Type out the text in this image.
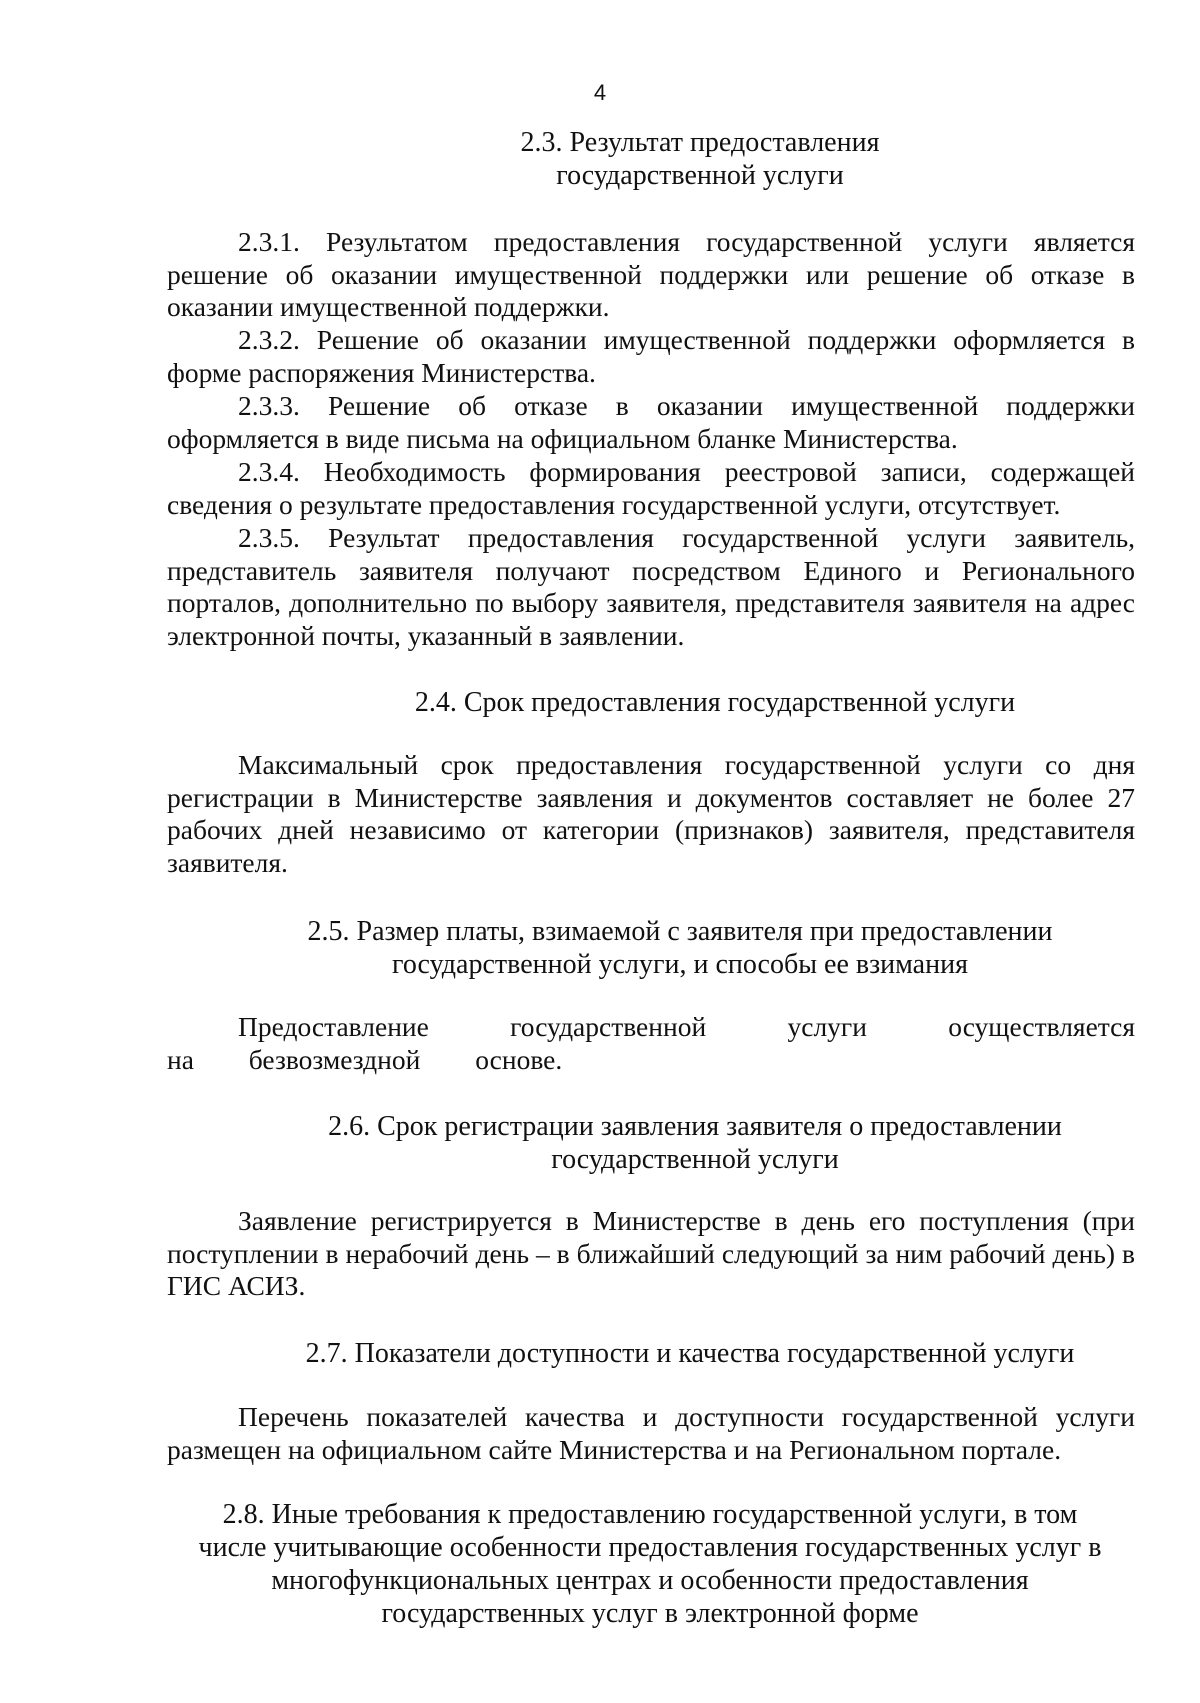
4
2.3. Результат предоставления
государственной услуги

2.3.1. Результатом предоставления государственной услуги является решение об оказании имущественной поддержки или решение об отказе в оказании имущественной поддержки.

2.3.2. Решение об оказании имущественной поддержки оформляется в форме распоряжения Министерства.

2.3.3. Решение об отказе в оказании имущественной поддержки оформляется в виде письма на официальном бланке Министерства.

2.3.4. Необходимость формирования реестровой записи, содержащей сведения о результате предоставления государственной услуги, отсутствует.

2.3.5. Результат предоставления государственной услуги заявитель, представитель заявителя получают посредством Единого и Регионального порталов, дополнительно по выбору заявителя, представителя заявителя на адрес электронной почты, указанный в заявлении.

2.4. Срок предоставления государственной услуги

Максимальный срок предоставления государственной услуги со дня регистрации в Министерстве заявления и документов составляет не более 27 рабочих дней независимо от категории (признаков) заявителя, представителя заявителя.

2.5. Размер платы, взимаемой с заявителя при предоставлении
государственной услуги, и способы ее взимания

Предоставление государственной услуги осуществляется на безвозмездной основе.

2.6. Срок регистрации заявления заявителя о предоставлении
государственной услуги

Заявление регистрируется в Министерстве в день его поступления (при поступлении в нерабочий день – в ближайший следующий за ним рабочий день) в ГИС АСИЗ.

2.7. Показатели доступности и качества государственной услуги

Перечень показателей качества и доступности государственной услуги размещен на официальном сайте Министерства и на Региональном портале.

2.8. Иные требования к предоставлению государственной услуги, в том
числе учитывающие особенности предоставления государственных услуг в
многофункциональных центрах и особенности предоставления
государственных услуг в электронной форме
